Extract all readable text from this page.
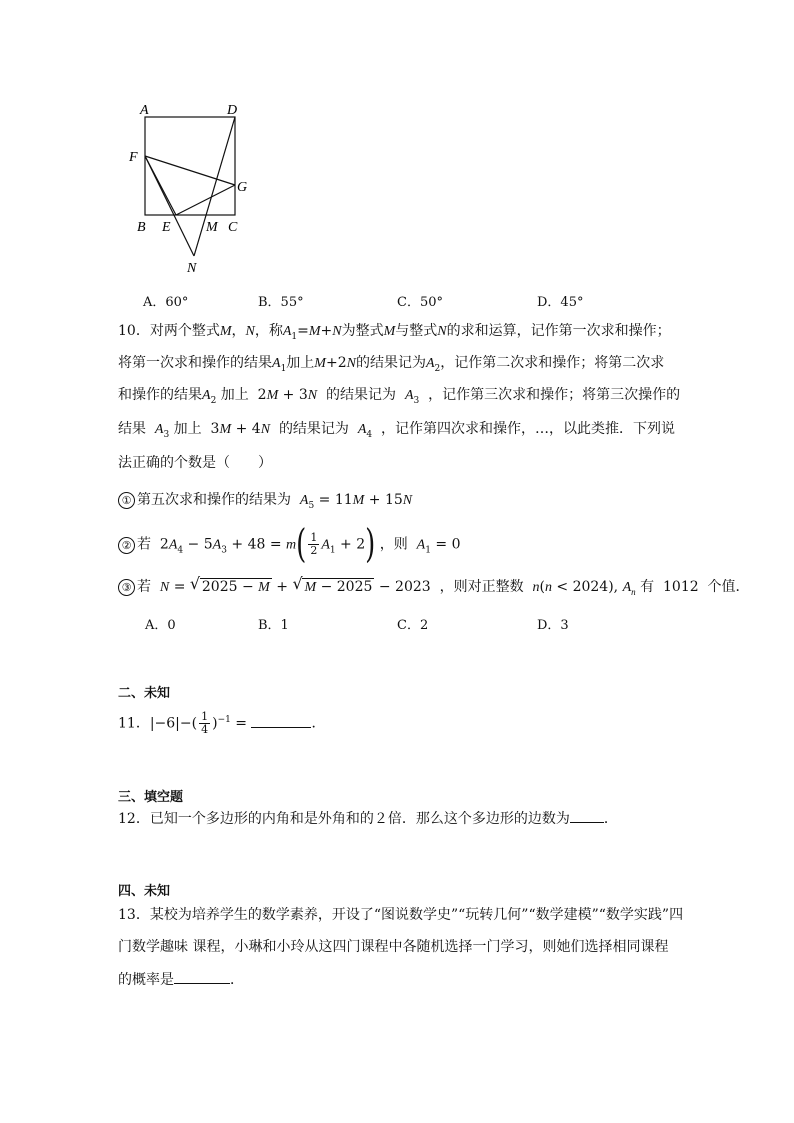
A	D
F
G
B E	M C
N
A．60°	B．55°	C．50°	D．45°
10．对两个整式M，N，称$A_1=M+N$为整式M与整式N的求和运算，记作第一次求和操作；
将第一次求和操作的结果$A_1$加上M+2N的结果记为$A_2$，记作第二次求和操作；将第二次求
和操作的结果$A_2$ 加上  2M + 3N 的结果记为 $A_3$ ，记作第三次求和操作；将第三次操作的
结果 $A_3$ 加上  3M + 4N 的结果记为 $A_4$ ，记作第四次求和操作，…，以此类推．下列说
法正确的个数是（　　）
① 第五次求和操作的结果为 $A_5 = 11M + 15N$
② 若  $2A_4 - 5A_3 + 48 = m( \frac{1}{2} A_1 + 2)$ ，则 $A_1 = 0$
③ 若 N = √ 2025 − M + √ M − 2025 − 2023  ，则对正整数 n(n < 2024), $A_n$ 有 1012 个值．
A．0	B．1	C．2	D．3
二、未知
11．$|-6|-( \frac{1}{4} )^{-1}$ =	．
三、填空题
12．已知一个多边形的内角和是外角和的２倍．那么这个多边形的边数为 ．
四、未知
13．某校为培养学生的数学素养，开设了“图说数学史”“玩转几何”“数学建模”“数学实践”四
门数学趣味 课程，小琳和小玲从这四门课程中各随机选择一门学习，则她们选择相同课程
的概率是	．
